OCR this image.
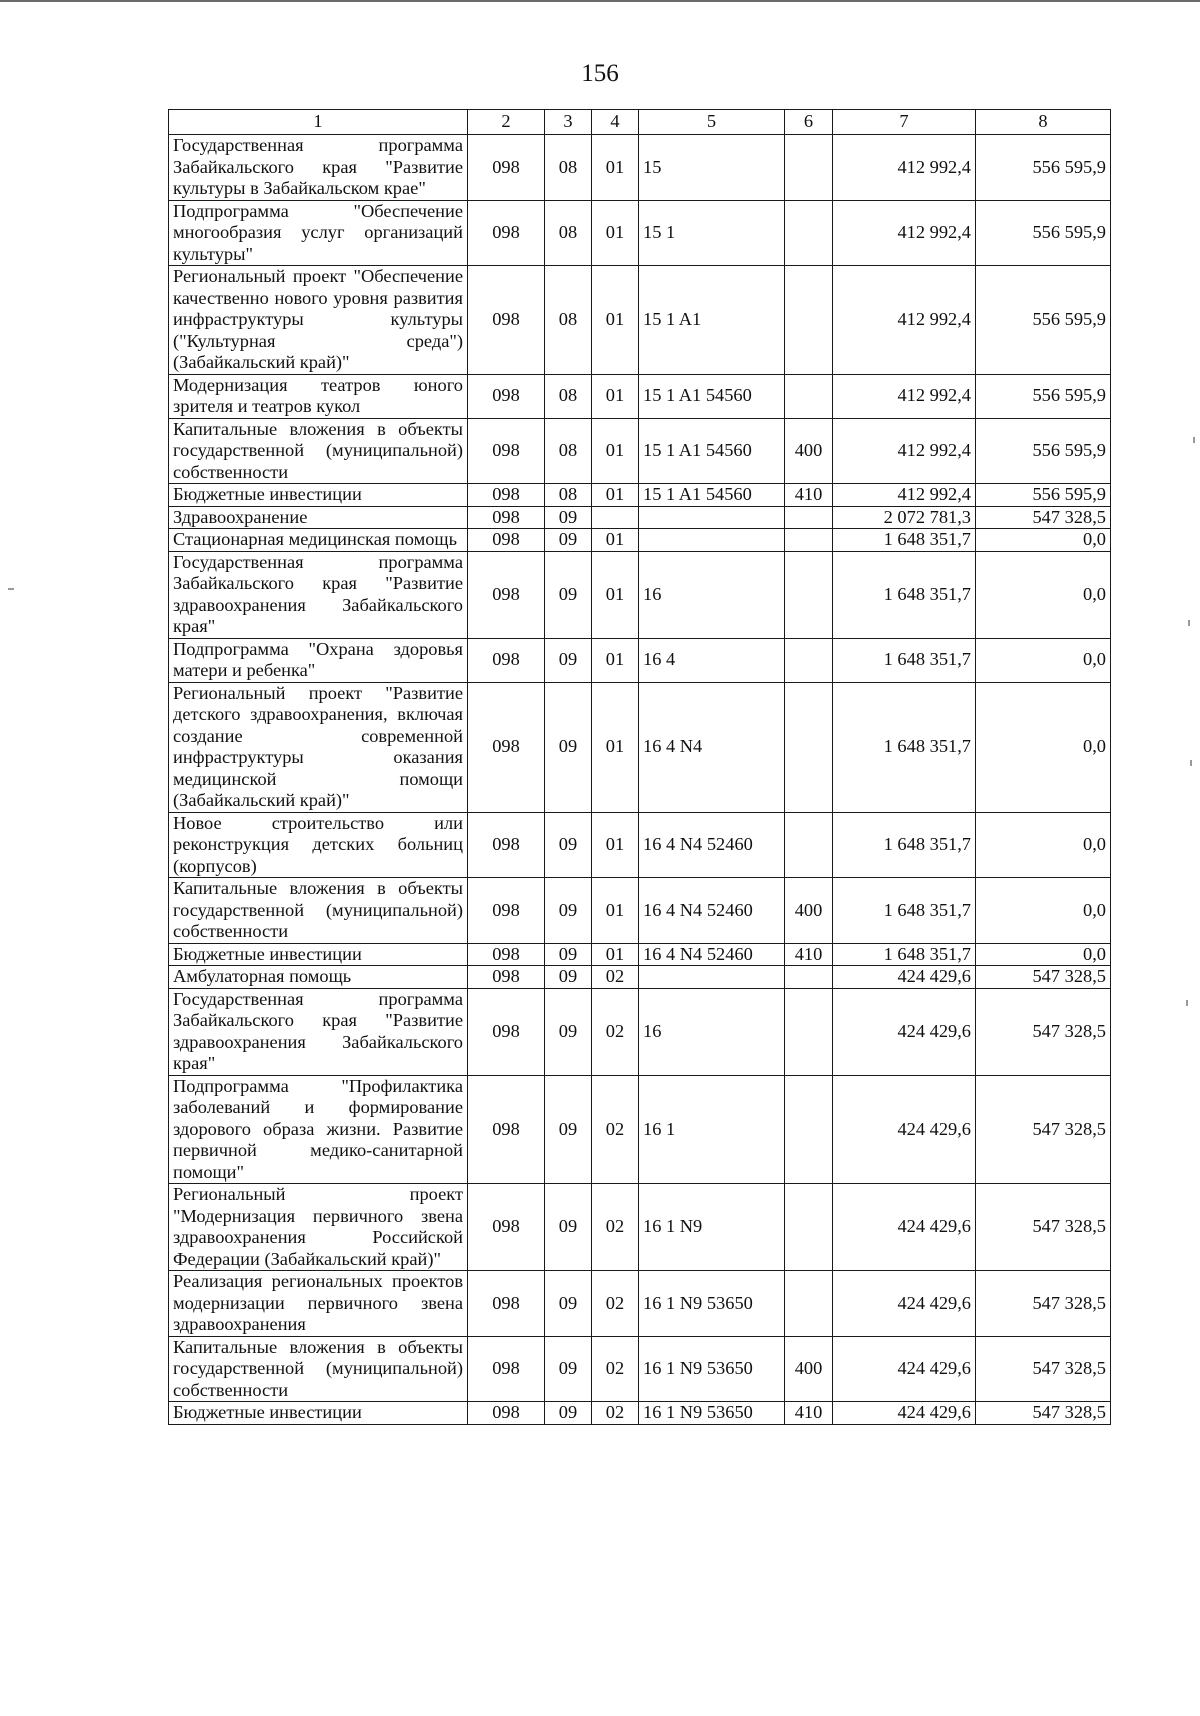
156
1	2	3	4	5	6	7	8
Государственная программа Забайкальского края "Развитие культуры в Забайкальском крае"	098	08	01	15		412 992,4	556 595,9
Подпрограмма "Обеспечение многообразия услуг организаций культуры"	098	08	01	15 1		412 992,4	556 595,9
Региональный проект "Обеспечение качественно нового уровня развития инфраструктуры культуры ("Культурная среда") (Забайкальский край)"	098	08	01	15 1 A1		412 992,4	556 595,9
Модернизация театров юного зрителя и театров кукол	098	08	01	15 1 A1 54560		412 992,4	556 595,9
Капитальные вложения в объекты государственной (муниципальной) собственности	098	08	01	15 1 A1 54560	400	412 992,4	556 595,9
Бюджетные инвестиции	098	08	01	15 1 A1 54560	410	412 992,4	556 595,9
Здравоохранение	098	09				2 072 781,3	547 328,5
Стационарная медицинская помощь	098	09	01			1 648 351,7	0,0
Государственная программа Забайкальского края "Развитие здравоохранения Забайкальского края"	098	09	01	16		1 648 351,7	0,0
Подпрограмма "Охрана здоровья матери и ребенка"	098	09	01	16 4		1 648 351,7	0,0
Региональный проект "Развитие детского здравоохранения, включая создание современной инфраструктуры оказания медицинской помощи (Забайкальский край)"	098	09	01	16 4 N4		1 648 351,7	0,0
Новое строительство или реконструкция детских больниц (корпусов)	098	09	01	16 4 N4 52460		1 648 351,7	0,0
Капитальные вложения в объекты государственной (муниципальной) собственности	098	09	01	16 4 N4 52460	400	1 648 351,7	0,0
Бюджетные инвестиции	098	09	01	16 4 N4 52460	410	1 648 351,7	0,0
Амбулаторная помощь	098	09	02			424 429,6	547 328,5
Государственная программа Забайкальского края "Развитие здравоохранения Забайкальского края"	098	09	02	16		424 429,6	547 328,5
Подпрограмма "Профилактика заболеваний и формирование здорового образа жизни. Развитие первичной медико-санитарной помощи"	098	09	02	16 1		424 429,6	547 328,5
Региональный проект "Модернизация первичного звена здравоохранения Российской Федерации (Забайкальский край)"	098	09	02	16 1 N9		424 429,6	547 328,5
Реализация региональных проектов модернизации первичного звена здравоохранения	098	09	02	16 1 N9 53650		424 429,6	547 328,5
Капитальные вложения в объекты государственной (муниципальной) собственности	098	09	02	16 1 N9 53650	400	424 429,6	547 328,5
Бюджетные инвестиции	098	09	02	16 1 N9 53650	410	424 429,6	547 328,5
